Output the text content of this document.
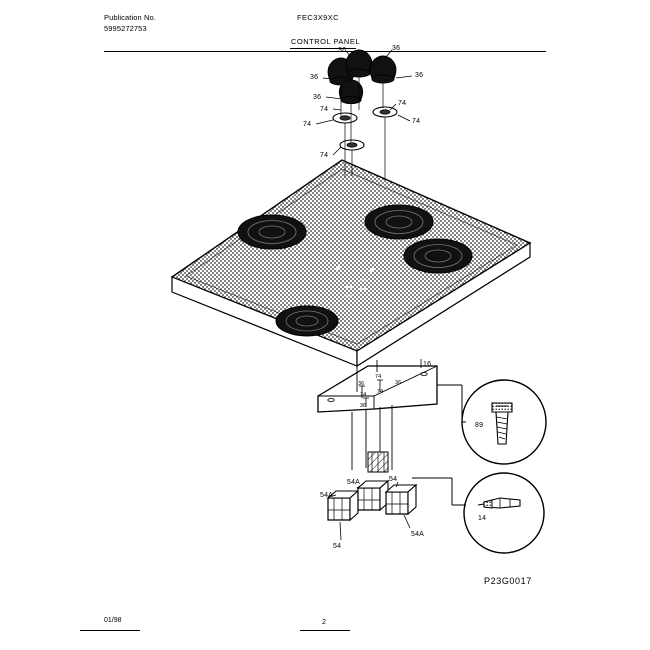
Publication No.
5995272753
FEC3X9XC
CONTROL PANEL
P23G0017
01/98	2
36	36
36	36
36
74
74
74	74
74
16
36
74
36
74 74
36
89
14
54A
54A	54
54A
54
